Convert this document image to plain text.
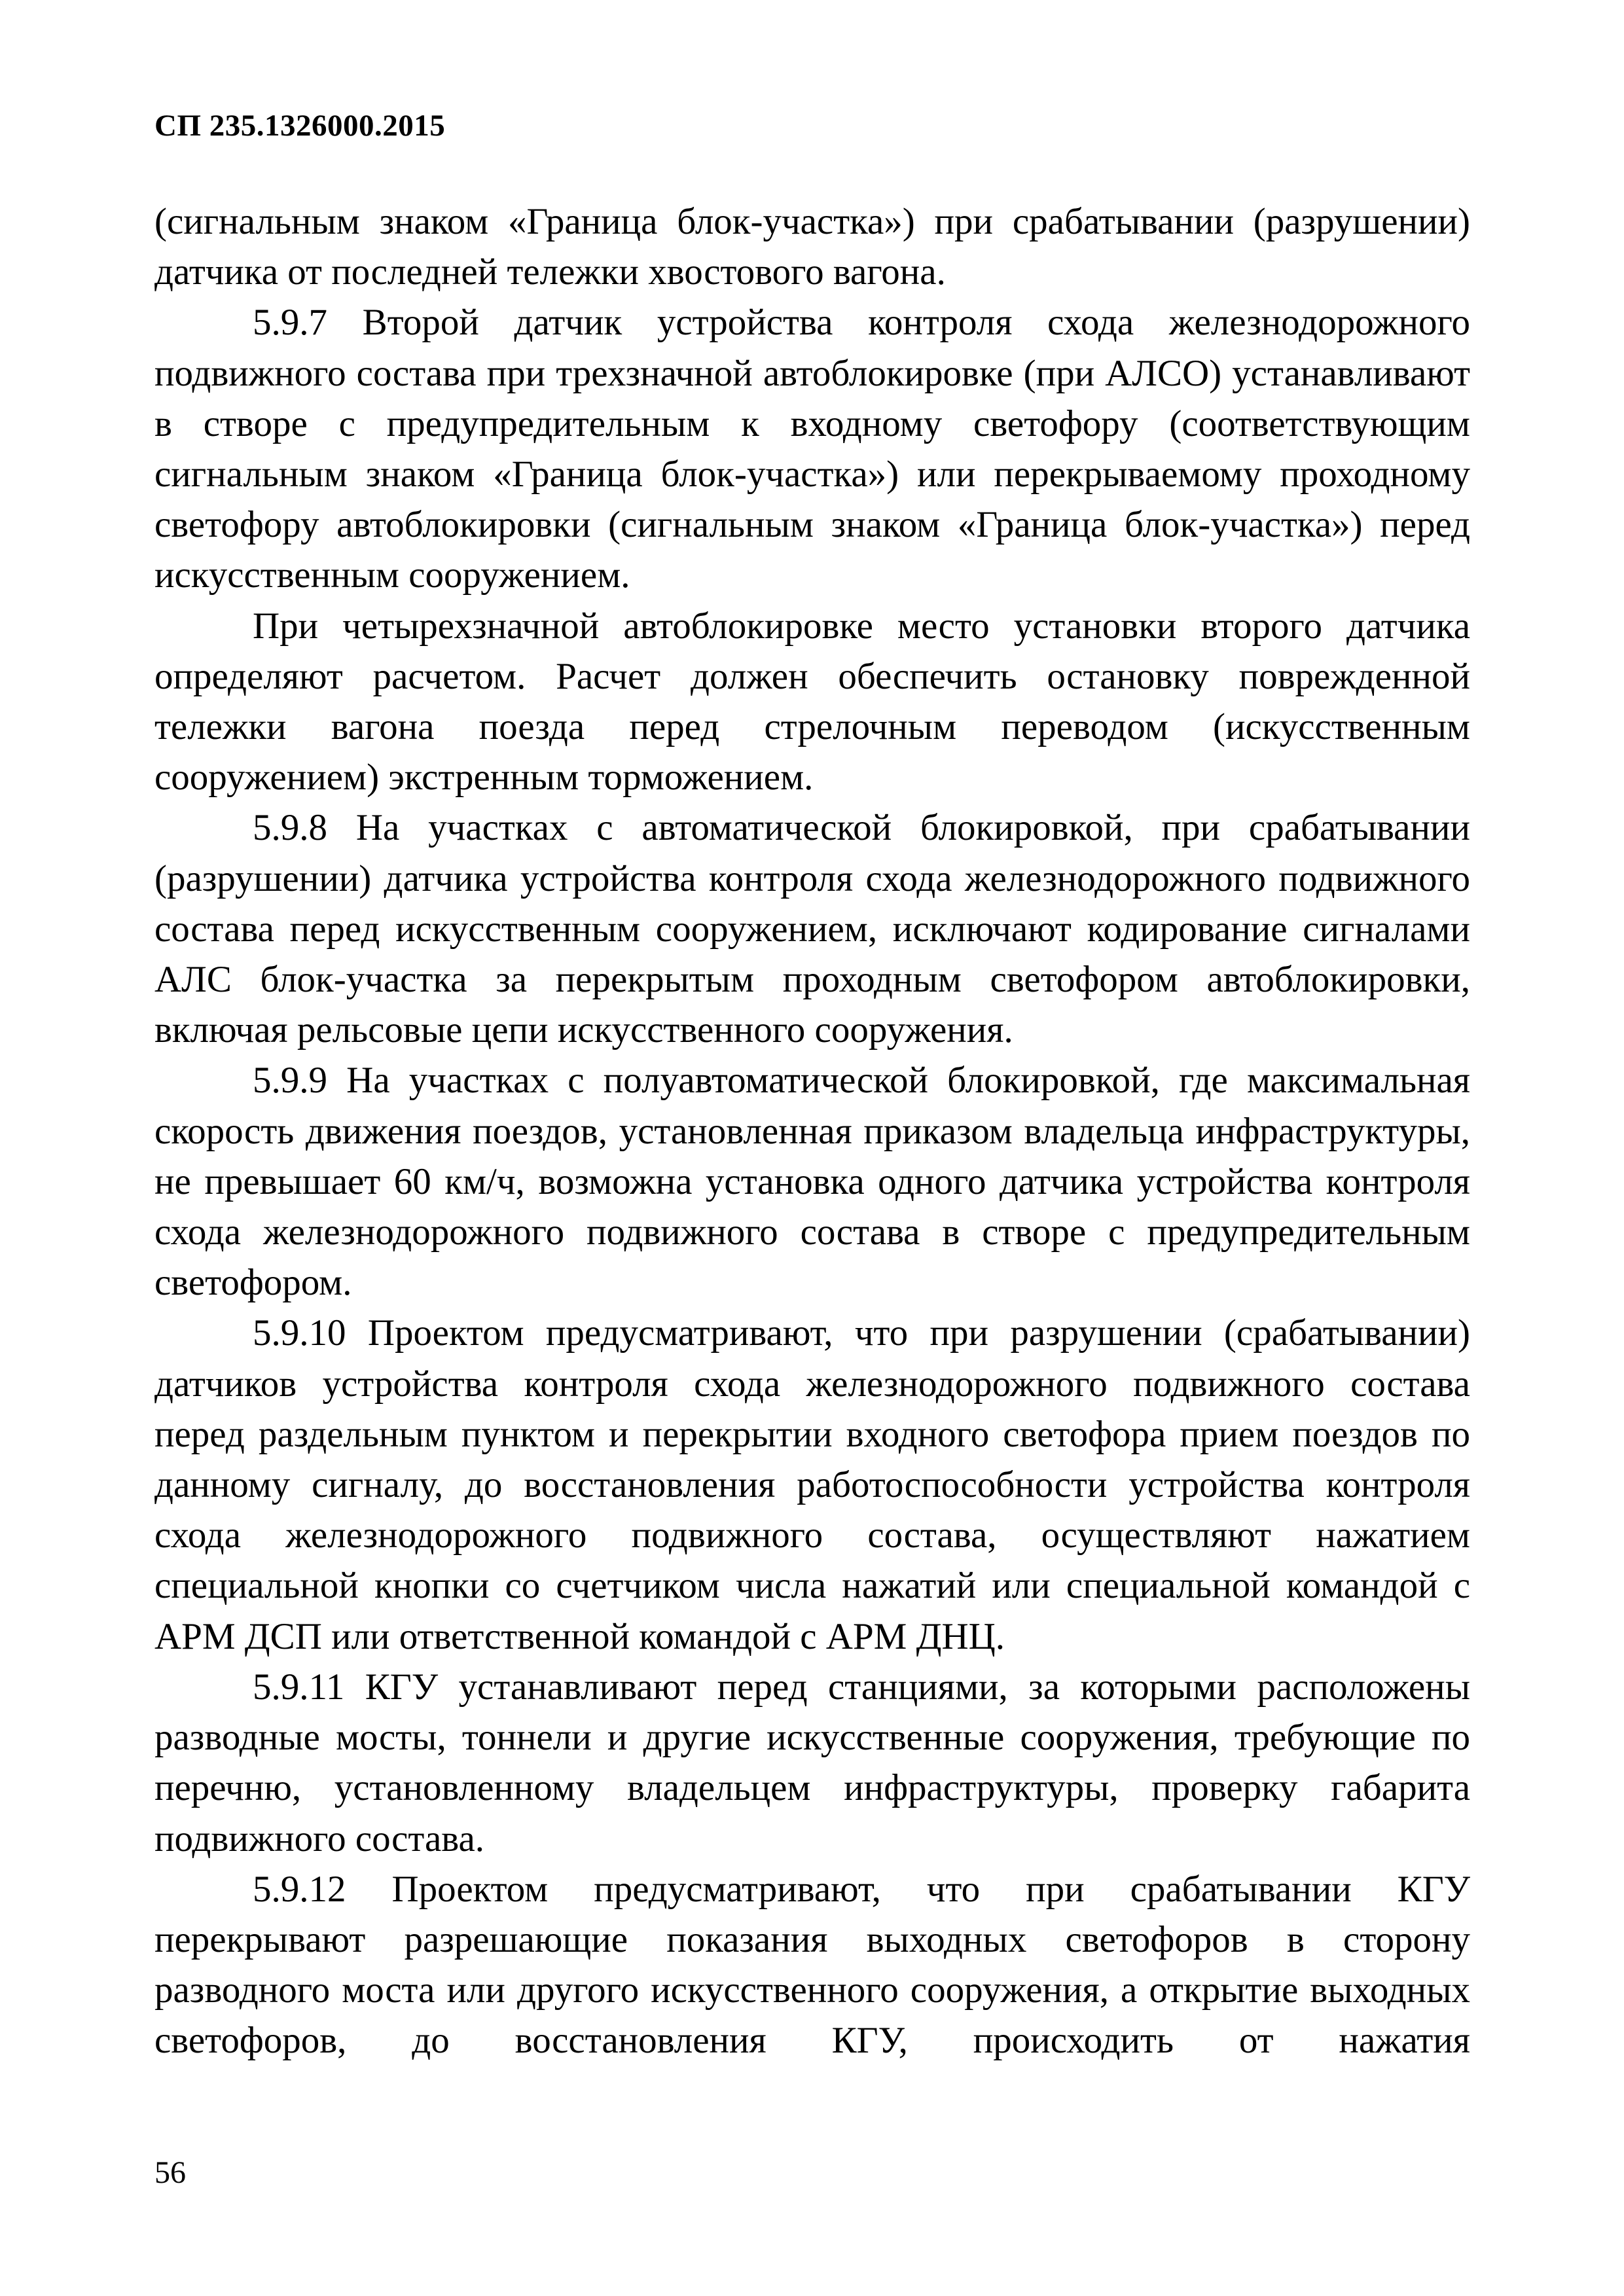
СП 235.1326000.2015

(сигнальным знаком «Граница блок-участка») при срабатывании (разрушении) датчика от последней тележки хвостового вагона.

5.9.7 Второй датчик устройства контроля схода железнодорожного подвижного состава при трехзначной автоблокировке (при АЛСО) устанавливают в створе с предупредительным к входному светофору (соответствующим сигнальным знаком «Граница блок-участка») или перекрываемому проходному светофору автоблокировки (сигнальным знаком «Граница блок-участка») перед искусственным сооружением.

При четырехзначной автоблокировке место установки второго датчика определяют расчетом. Расчет должен обеспечить остановку поврежденной тележки вагона поезда перед стрелочным переводом (искусственным сооружением) экстренным торможением.

5.9.8 На участках с автоматической блокировкой, при срабатывании (разрушении) датчика устройства контроля схода железнодорожного подвижного состава перед искусственным сооружением, исключают кодирование сигналами АЛС блок-участка за перекрытым проходным светофором автоблокировки, включая рельсовые цепи искусственного сооружения.

5.9.9 На участках с полуавтоматической блокировкой, где максимальная скорость движения поездов, установленная приказом владельца инфраструктуры, не превышает 60 км/ч, возможна установка одного датчика устройства контроля схода железнодорожного подвижного состава в створе с предупредительным светофором.

5.9.10 Проектом предусматривают, что при разрушении (срабатывании) датчиков устройства контроля схода железнодорожного подвижного состава перед раздельным пунктом и перекрытии входного светофора прием поездов по данному сигналу, до восстановления работоспособности устройства контроля схода железнодорожного подвижного состава, осуществляют нажатием специальной кнопки со счетчиком числа нажатий или специальной командой с АРМ ДСП или ответственной командой с АРМ ДНЦ.

5.9.11 КГУ устанавливают перед станциями, за которыми расположены разводные мосты, тоннели и другие искусственные сооружения, требующие по перечню, установленному владельцем инфраструктуры, проверку габарита подвижного состава.

5.9.12 Проектом предусматривают, что при срабатывании КГУ перекрывают разрешающие показания выходных светофоров в сторону разводного моста или другого искусственного сооружения, а открытие выходных светофоров, до восстановления КГУ, происходить от нажатия

56
